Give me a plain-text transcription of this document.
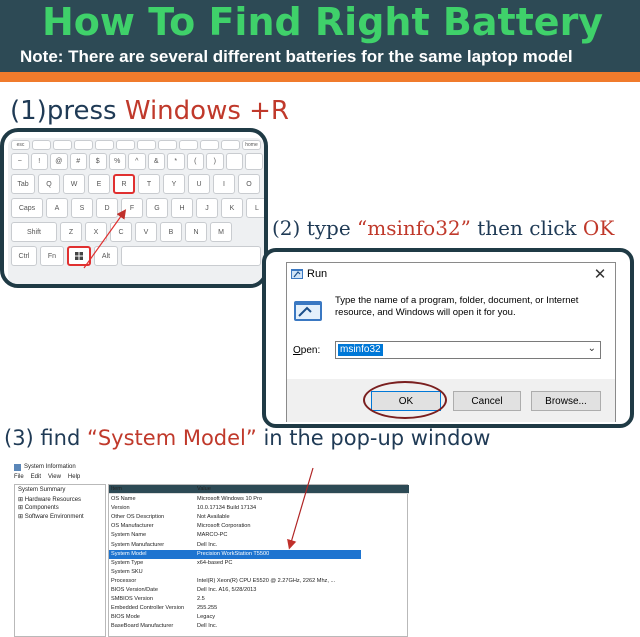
How To Find Right Battery
Note: There are several different batteries for the same laptop model
(1)press Windows +R
esc	home
~	!	@	#	$	%	^	&	*	(	)
Tab	Q	W	E	R	T	Y	U	I	O
Caps	A	S	D	F	G	H	J	K	L
Shift	Z	X	C	V	B	N	M
Ctrl	Fn	Alt
(2) type “msinfo32” then click OK
Run	✕
Type the name of a program, folder, document, or Internet resource, and Windows will open it for you.
Open: msinfo32	⌄
OK	Cancel	Browse...
(3) find “System Model” in the pop-up window
System Information
File Edit View Help
System Summary
⊞ Hardware Resources
⊞ Components
⊞ Software Environment
Item	Value
OS Name	Microsoft Windows 10 Pro
Version	10.0.17134 Build 17134
Other OS Description	Not Available
OS Manufacturer	Microsoft Corporation
System Name	MARCO-PC
System Manufacturer	Dell Inc.
System Model	Precision WorkStation T5500
System Type	x64-based PC
System SKU
Processor	Intel(R) Xeon(R) CPU E5520 @ 2.27GHz, 2262 Mhz, ...
BIOS Version/Date	Dell Inc. A16, 5/28/2013
SMBIOS Version	2.5
Embedded Controller Version 255.255
BIOS Mode	Legacy
BaseBoard Manufacturer	Dell Inc.
